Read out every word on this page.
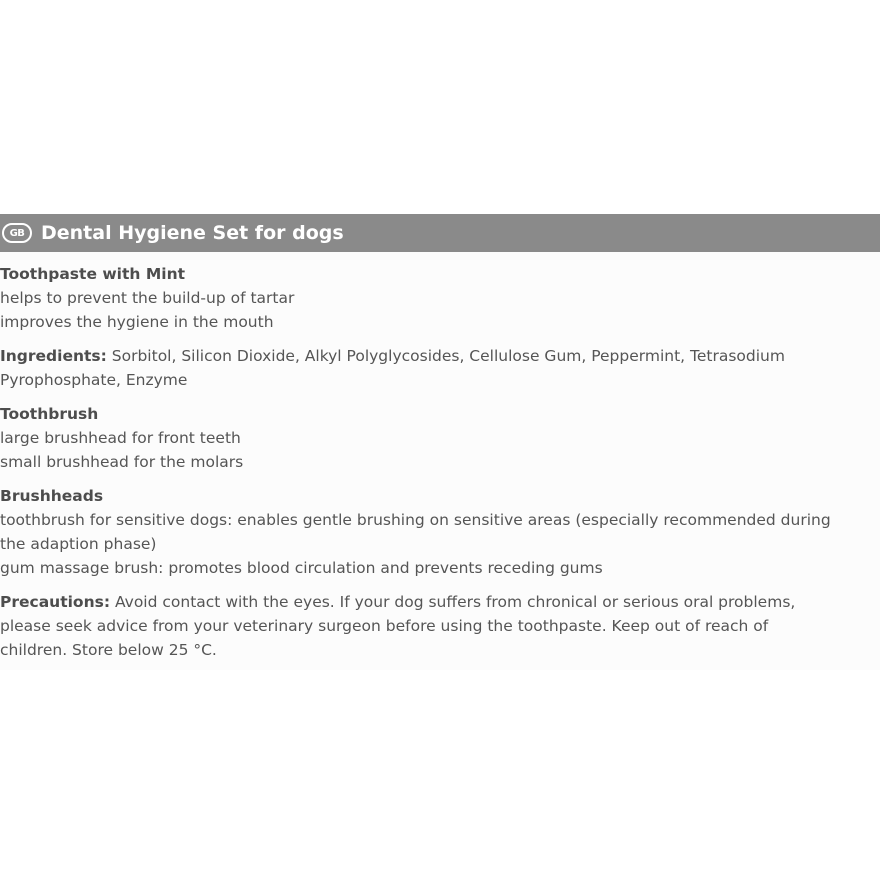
GB Dental Hygiene Set for dogs
Toothpaste with Mint
helps to prevent the build-up of tartar
improves the hygiene in the mouth
Ingredients: Sorbitol, Silicon Dioxide, Alkyl Polyglycosides, Cellulose Gum, Peppermint, Tetrasodium
Pyrophosphate, Enzyme
Toothbrush
large brushhead for front teeth
small brushhead for the molars
Brushheads
toothbrush for sensitive dogs: enables gentle brushing on sensitive areas (especially recommended during
the adaption phase)
gum massage brush: promotes blood circulation and prevents receding gums
Precautions: Avoid contact with the eyes. If your dog suffers from chronical or serious oral problems,
please seek advice from your veterinary surgeon before using the toothpaste. Keep out of reach of
children. Store below 25 °C.
